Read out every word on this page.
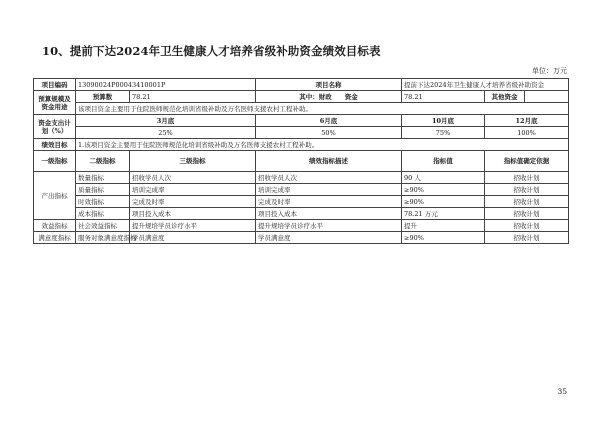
10、提前下达2024年卫生健康人才培养省级补助资金绩效目标表
单位：万元
项目编码	13090024P00043410001P		项目名称	提前下达2024年卫生健康人才培养省级补助资金		
预算规模及资金用途	预算数	78.21	其中：财政　　资金	78.21	其他资金	
	该项目资金主要用于住院医师规范化培训省级补助及万名医师支援农村工程补助。					
资金支出计划（%）	3月底		6月底	10月底	12月底	
	25%		50%	75%	100%	
绩效目标	1.该项目资金主要用于住院医师规范化培训省级补助及万名医师支援农村工程补助。					
一级指标	二级指标	三级指标	绩效指标描述	指标值	指标值确定依据	
产出指标	数量指标	招收学员人次	招收学员人次	90 人	招收计划	
	质量指标	培训完成率	培训完成率	≥90%	招收计划	
	时效指标	完成及时率	完成及时率	≥90%	招收计划	
	成本指标	项目投入成本	项目投入成本	78.21 万元	招收计划	
效益指标	社会效益指标	提升规培学员诊疗水平	提升规培学员诊疗水平	提升	招收计划	
满意度指标	服务对象满意度指标	学员满意度	学员满意度	≥90%	招收计划	
35
